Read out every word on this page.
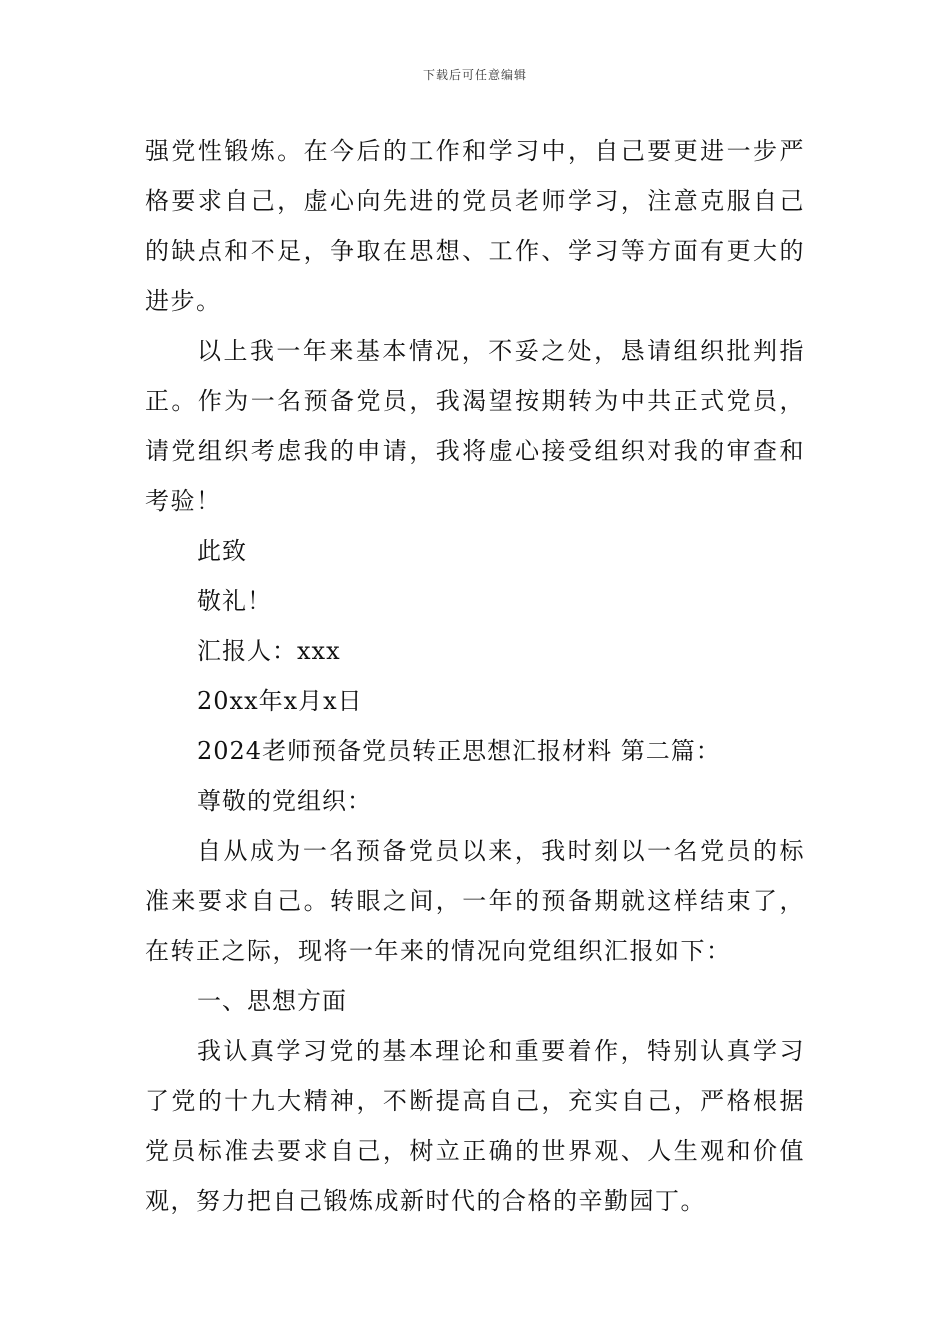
下载后可任意编辑

强党性锻炼。在今后的工作和学习中，自己要更进一步严格要求自己，虚心向先进的党员老师学习，注意克服自己的缺点和不足，争取在思想、工作、学习等方面有更大的进步。

以上我一年来基本情况，不妥之处，恳请组织批判指正。作为一名预备党员，我渴望按期转为中共正式党员，请党组织考虑我的申请，我将虚心接受组织对我的审查和考验！

此致

敬礼！

汇报人：xxx

20xx年x月x日

2024老师预备党员转正思想汇报材料 第二篇：

尊敬的党组织：

自从成为一名预备党员以来，我时刻以一名党员的标准来要求自己。转眼之间，一年的预备期就这样结束了，在转正之际，现将一年来的情况向党组织汇报如下：

一、思想方面

我认真学习党的基本理论和重要着作，特别认真学习了党的十九大精神，不断提高自己，充实自己，严格根据党员标准去要求自己，树立正确的世界观、人生观和价值观，努力把自己锻炼成新时代的合格的辛勤园丁。
